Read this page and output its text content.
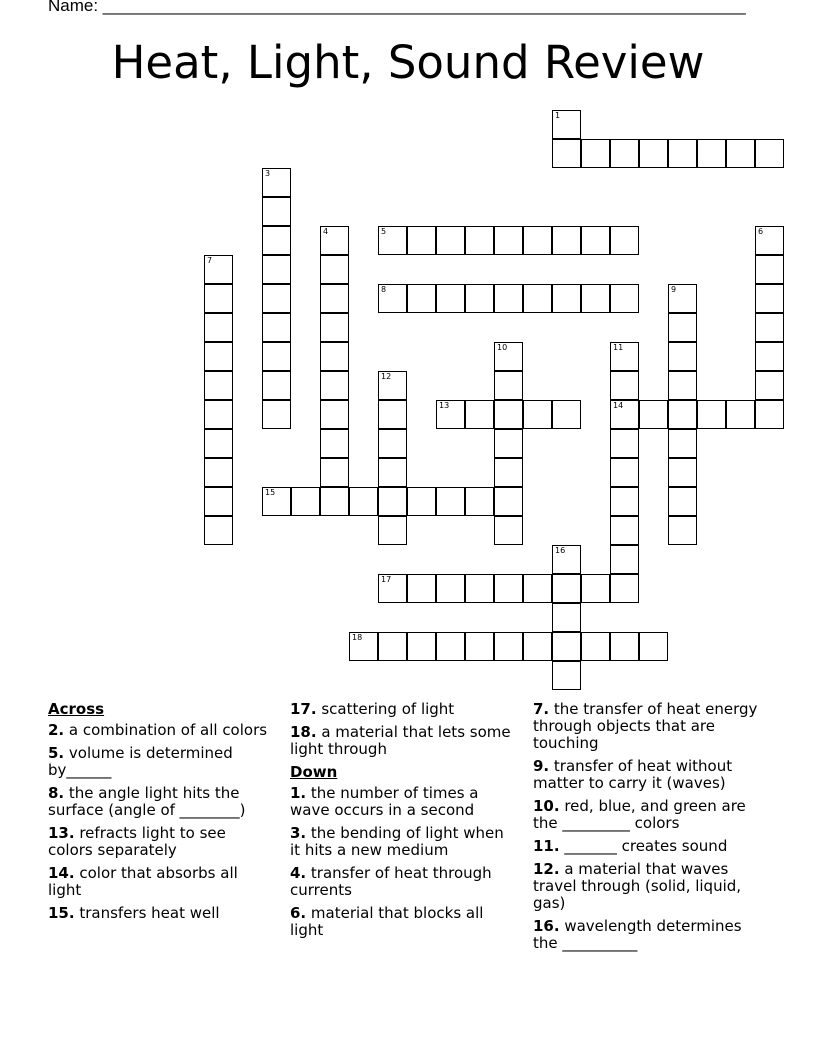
Name: ____________________________________________________________________
Heat, Light, Sound Review
3
4	5	6
7
8	9
10	11
14
12
13
15
16
17
18
1
Across
2. a combination of all colors
5. volume is determined by______
8. the angle light hits the surface (angle of ________)
13. refracts light to see colors separately
14. color that absorbs all light
15. transfers heat well
17. scattering of light
18. a material that lets some light through
Down
1. the number of times a wave occurs in a second
3. the bending of light when it hits a new medium
4. transfer of heat through currents
6. material that blocks all light
7. the transfer of heat energy through objects that are touching
9. transfer of heat without matter to carry it (waves)
10. red, blue, and green are the _________ colors
11. _______ creates sound
12. a material that waves travel through (solid, liquid, gas)
16. wavelength determines the __________
